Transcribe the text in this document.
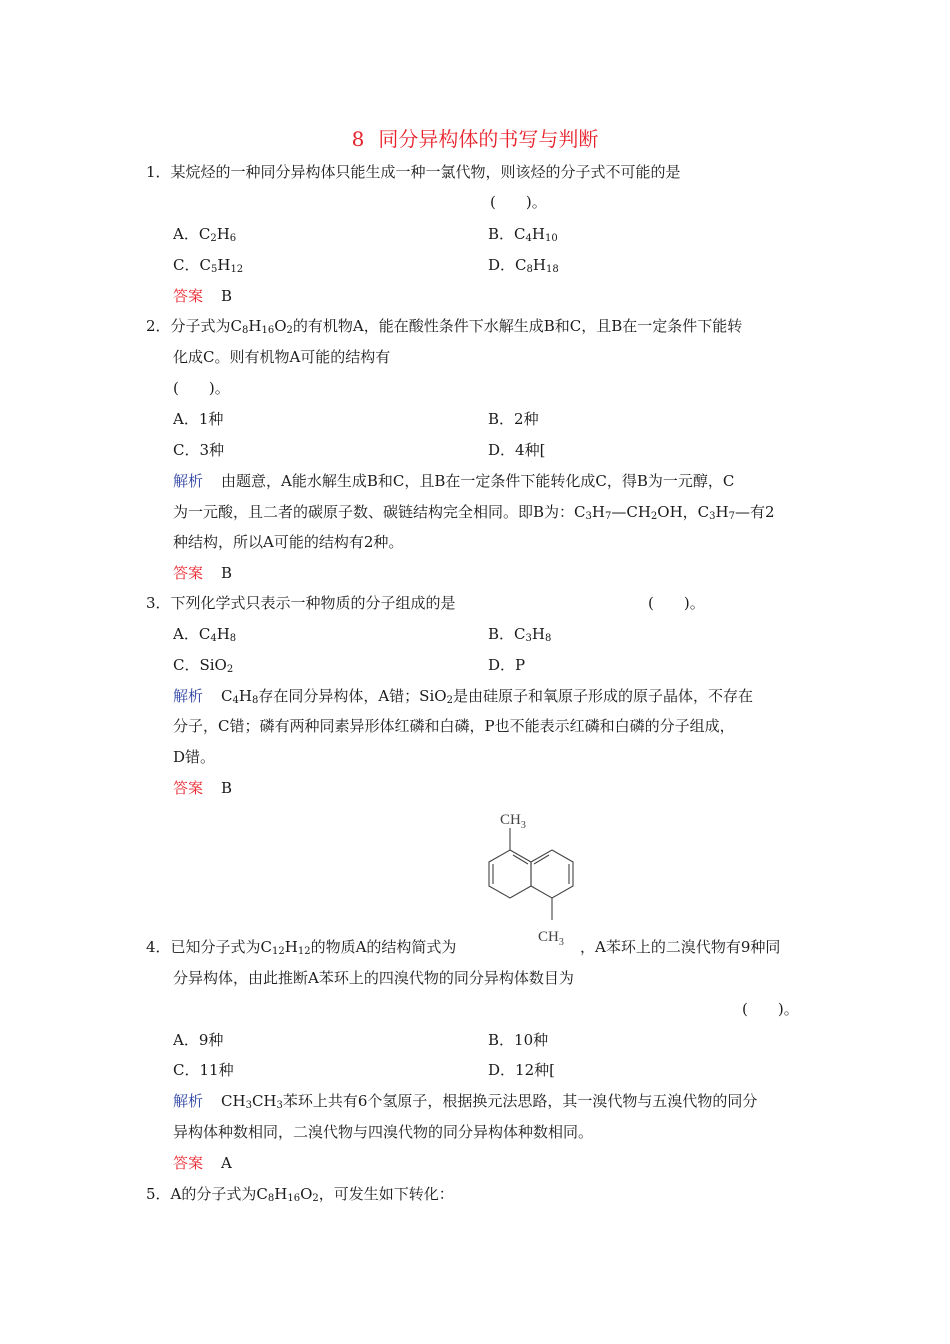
8 同分异构体的书写与判断
1．某烷烃的一种同分异构体只能生成一种一氯代物，则该烃的分子式不可能的是
(　　)。
A．$C_2H_6$	B．$C_4H_{10}$
C．$C_5H_{12}$	D．$C_8H_{18}$
答案 B
2．分子式为$C_8H_{16}O_2$的有机物A，能在酸性条件下水解生成B和C，且B在一定条件下能转
化成C。则有机物A可能的结构有
(　　)。
A．1种	B．2种
C．3种	D．4种[
解析 由题意，A能水解生成B和C，且B在一定条件下能转化成C，得B为一元醇，C
为一元酸，且二者的碳原子数、碳链结构完全相同。即B为：$C_3H_7—CH_2OH$，$C_3H_7—$有2
种结构，所以A可能的结构有2种。
答案 B
3．下列化学式只表示一种物质的分子组成的是	(　　)。
A．$C_4H_8$	B．$C_3H_8$
C．SiO$_2$	D．P
解析 $C_4H_8$存在同分异构体，A错；SiO$_2$是由硅原子和氧原子形成的原子晶体，不存在
分子，C错；磷有两种同素异形体红磷和白磷，P也不能表示红磷和白磷的分子组成，
D错。
答案 B
$CH_3$
$CH_3$
4．已知分子式为$C_{12}H_{12}$的物质A的结构简式为	，A苯环上的二溴代物有9种同
分异构体，由此推断A苯环上的四溴代物的同分异构体数目为
(　　)。
A．9种	B．10种
C．11种	D．12种[
解析 $CH_3CH_3$苯环上共有6个氢原子，根据换元法思路，其一溴代物与五溴代物的同分
异构体种数相同，二溴代物与四溴代物的同分异构体种数相同。
答案 A
5．A的分子式为$C_8H_{16}O_2$，可发生如下转化：
